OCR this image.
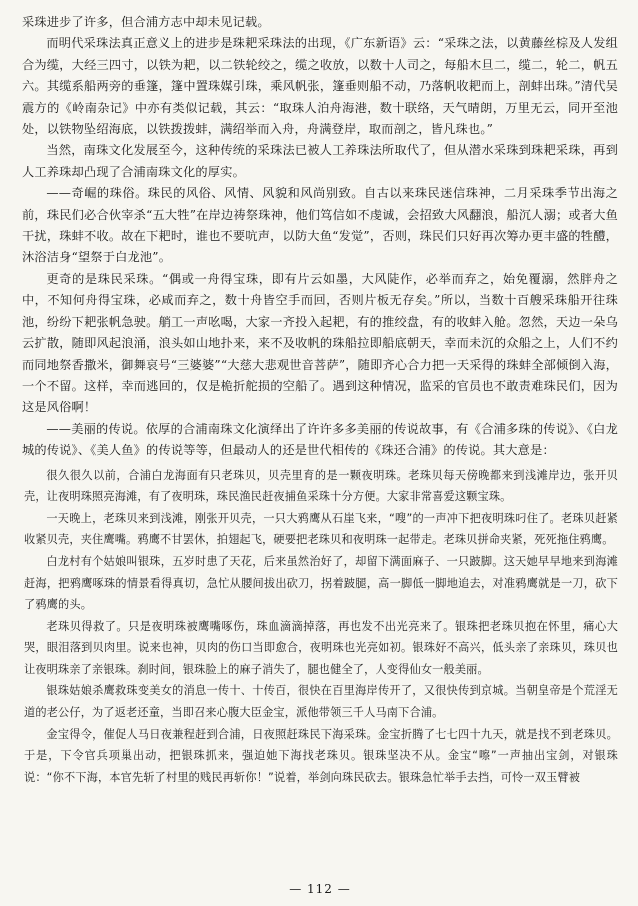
采珠进步了许多，但合浦方志中却未见记载。

而明代采珠法真正意义上的进步是珠耙采珠法的出现，《广东新语》云：“采珠之法，以黄藤丝棕及人发组合为缆，大经三四寸，以铁为耙，以二铁轮绞之，缆之收放，以数十人司之，每船木旦二，缆二，轮二，帆五六。其缆系船两旁的垂篷，篷中置珠媒引珠，乘风帆张，篷垂则船不动，乃落帆收耙而上，剖蚌出珠。”清代吴震方的《岭南杂记》中亦有类似记载，其云：“取珠人泊舟海港，数十联络，天气晴朗，万里无云，同开至池处，以铁物坠绍海底，以铁拨拨蚌，满绍举而入舟，舟满登岸，取而剖之，皆凡珠也。”

当然，南珠文化发展至今，这种传统的采珠法已被人工养珠法所取代了，但从潜水采珠到珠耙采珠，再到人工养珠却凸现了合浦南珠文化的厚实。

——奇崛的珠俗。珠民的风俗、风情、风貌和风尚别致。自古以来珠民迷信珠神，二月采珠季节出海之前，珠民们必合伙宰杀“五大牲”在岸边祷祭珠神，他们笃信如不虔诚，会招致大风翻浪，船沉人溺；或者大鱼干扰，珠蚌不收。故在下耙时，谁也不要吭声，以防大鱼“发觉”，否则，珠民们只好再次筹办更丰盛的牲醴，沐浴洁身“望祭于白龙池”。

更奇的是珠民采珠。“偶或一舟得宝珠，即有片云如墨，大风陡作，必举而弃之，始免覆溺，然胖舟之中，不知何舟得宝珠，必咸而弃之，数十舟皆空手而回，否则片板无存矣。”所以，当数十百艘采珠船开往珠池，纷纷下耙张帆急驶。艄工一声吆喝，大家一齐投入起耙，有的推绞盘，有的收蚌入舱。忽然，天边一朵乌云扩散，随即风起浪涌，浪头如山地扑来，来不及收帆的珠船拉即船底朝天，幸而未沉的众船之上，人们不约而同地祭香撒米，御舞哀号“三婆婆”“大慈大悲观世音菩萨”，随即齐心合力把一天采得的珠蚌全部倾倒入海，一个不留。这样，幸而逃回的，仅是桅折舵损的空船了。遇到这种情况，监采的官员也不敢责难珠民们，因为这是风俗啊！

——美丽的传说。依厚的合浦南珠文化演绎出了许许多多美丽的传说故事，有《合浦多珠的传说》、《白龙城的传说》、《美人鱼》的传说等等，但最动人的还是世代相传的《珠还合浦》的传说。其大意是：

很久很久以前，合浦白龙海面有只老珠贝，贝壳里育的是一颗夜明珠。老珠贝每天傍晚都来到浅滩岸边，张开贝壳，让夜明珠照亮海滩，有了夜明珠，珠民渔民赶夜捕鱼采珠十分方便。大家非常喜爱这颗宝珠。

一天晚上，老珠贝来到浅滩，刚张开贝壳，一只大鸦鹰从石崖飞来，“嗖”的一声冲下把夜明珠叼住了。老珠贝赶紧收紧贝壳，夹住鹰嘴。鸦鹰不甘罢休，拍翅起飞，硬要把老珠贝和夜明珠一起带走。老珠贝拼命夹紧，死死拖住鸦鹰。

白龙村有个姑娘叫银珠，五岁时患了天花，后来虽然治好了，却留下满面麻子、一只跛脚。这天她早早地来到海滩赶海，把鸦鹰啄珠的情景看得真切，急忙从腰间拔出砍刀，拐着跛腿，高一脚低一脚地追去，对准鸦鹰就是一刀，砍下了鸦鹰的头。

老珠贝得救了。只是夜明珠被鹰嘴啄伤，珠血滴滴掉落，再也发不出光亮来了。银珠把老珠贝抱在怀里，痛心大哭，眼泪落到贝肉里。说来也神，贝肉的伤口当即愈合，夜明珠也光亮如初。银珠好不高兴，低头亲了亲珠贝，珠贝也让夜明珠亲了亲银珠。刹时间，银珠脸上的麻子消失了，腿也健全了，人变得仙女一般美丽。

银珠姑娘杀鹰救珠变美女的消息一传十、十传百，很快在百里海岸传开了，又很快传到京城。当朝皇帝是个荒淫无道的老公仔，为了返老还童，当即召来心腹大臣金宝，派他带领三千人马南下合浦。

金宝得令，催促人马日夜兼程赶到合浦，日夜照赶珠民下海采珠。金宝折腾了七七四十九天，就是找不到老珠贝。于是，下令官兵项巢出动，把银珠抓来，强迫她下海找老珠贝。银珠坚决不从。金宝“嚓”一声抽出宝剑，对银珠说：“你不下海，本官先斩了村里的贱民再斩你！”说着，举剑向珠民砍去。银珠急忙举手去挡，可怜一双玉臂被

— 112 —
